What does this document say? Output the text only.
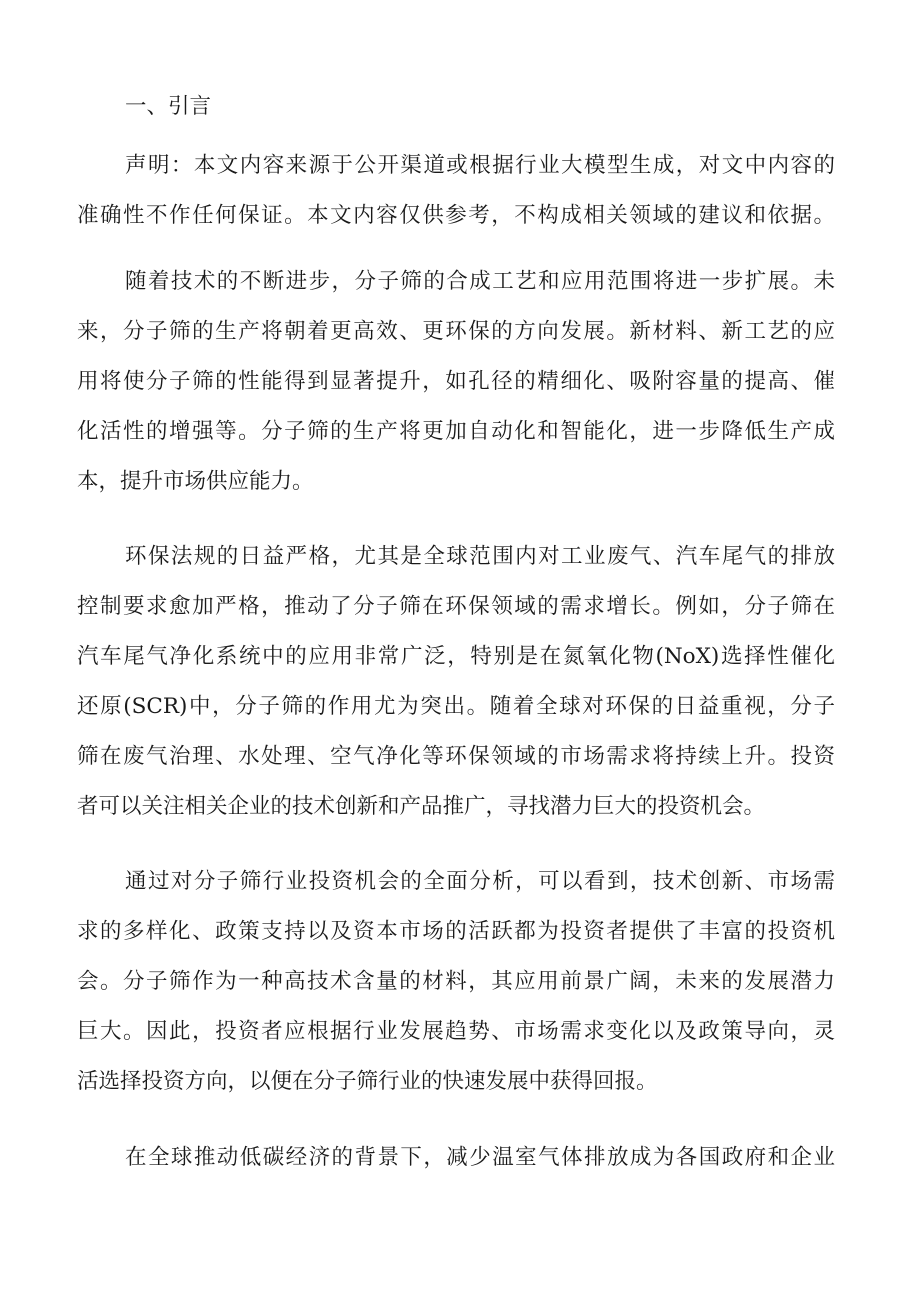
一、引言
声明：本文内容来源于公开渠道或根据行业大模型生成，对文中内容的
准确性不作任何保证。本文内容仅供参考，不构成相关领域的建议和依据。
随着技术的不断进步，分子筛的合成工艺和应用范围将进一步扩展。未
来，分子筛的生产将朝着更高效、更环保的方向发展。新材料、新工艺的应
用将使分子筛的性能得到显著提升，如孔径的精细化、吸附容量的提高、催
化活性的增强等。分子筛的生产将更加自动化和智能化，进一步降低生产成
本，提升市场供应能力。
环保法规的日益严格，尤其是全球范围内对工业废气、汽车尾气的排放
控制要求愈加严格，推动了分子筛在环保领域的需求增长。例如，分子筛在
汽车尾气净化系统中的应用非常广泛，特别是在氮氧化物(NoX)选择性催化
还原(SCR)中，分子筛的作用尤为突出。随着全球对环保的日益重视，分子
筛在废气治理、水处理、空气净化等环保领域的市场需求将持续上升。投资
者可以关注相关企业的技术创新和产品推广，寻找潜力巨大的投资机会。
通过对分子筛行业投资机会的全面分析，可以看到，技术创新、市场需
求的多样化、政策支持以及资本市场的活跃都为投资者提供了丰富的投资机
会。分子筛作为一种高技术含量的材料，其应用前景广阔，未来的发展潜力
巨大。因此，投资者应根据行业发展趋势、市场需求变化以及政策导向，灵
活选择投资方向，以便在分子筛行业的快速发展中获得回报。
在全球推动低碳经济的背景下，减少温室气体排放成为各国政府和企业
